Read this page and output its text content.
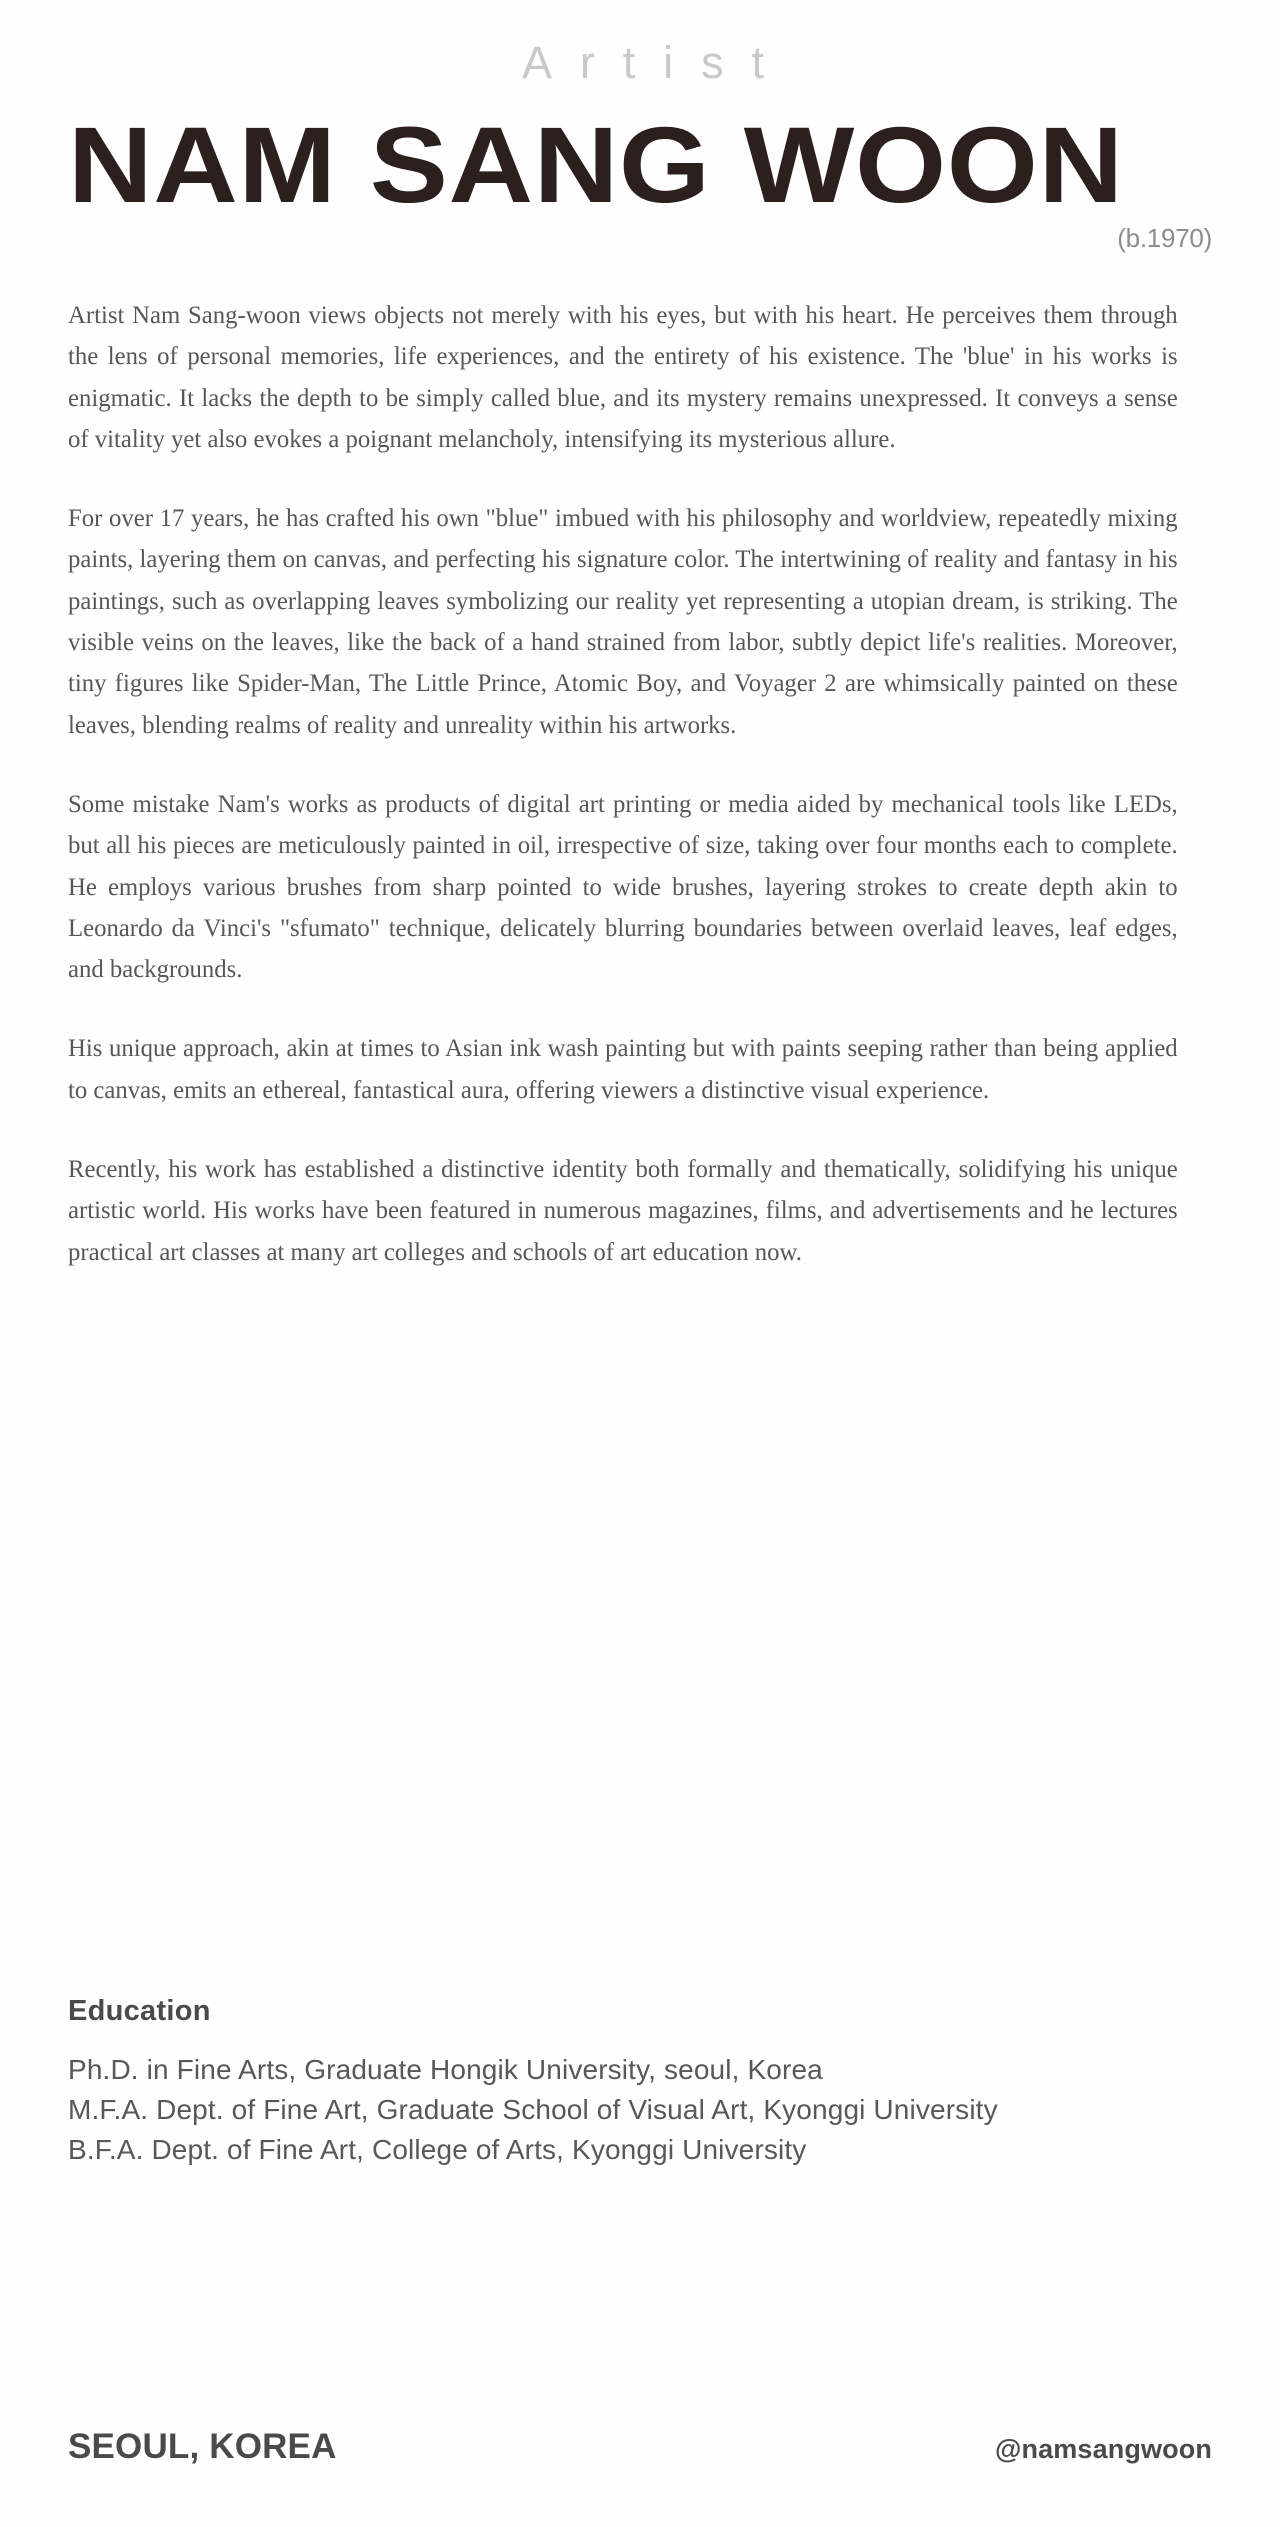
Artist
NAM SANG WOON
(b.1970)

Artist Nam Sang-woon views objects not merely with his eyes, but with his heart. He perceives them through the lens of personal memories, life experiences, and the entirety of his existence. The 'blue' in his works is enigmatic. It lacks the depth to be simply called blue, and its mystery remains unexpressed. It conveys a sense of vitality yet also evokes a poignant melancholy, intensifying its mysterious allure.

For over 17 years, he has crafted his own "blue" imbued with his philosophy and worldview, repeatedly mixing paints, layering them on canvas, and perfecting his signature color. The intertwining of reality and fantasy in his paintings, such as overlapping leaves symbolizing our reality yet representing a utopian dream, is striking. The visible veins on the leaves, like the back of a hand strained from labor, subtly depict life's realities. Moreover, tiny figures like Spider-Man, The Little Prince, Atomic Boy, and Voyager 2 are whimsically painted on these leaves, blending realms of reality and unreality within his artworks.

Some mistake Nam's works as products of digital art printing or media aided by mechanical tools like LEDs, but all his pieces are meticulously painted in oil, irrespective of size, taking over four months each to complete. He employs various brushes from sharp pointed to wide brushes, layering strokes to create depth akin to Leonardo da Vinci's "sfumato" technique, delicately blurring boundaries between overlaid leaves, leaf edges, and backgrounds.

His unique approach, akin at times to Asian ink wash painting but with paints seeping rather than being applied to canvas, emits an ethereal, fantastical aura, offering viewers a distinctive visual experience.

Recently, his work has established a distinctive identity both formally and thematically, solidifying his unique artistic world. His works have been featured in numerous magazines, films, and advertisements and he lectures practical art classes at many art colleges and schools of art education now.

Education
Ph.D. in Fine Arts, Graduate Hongik University, seoul, Korea
M.F.A. Dept. of Fine Art, Graduate School of Visual Art, Kyonggi University
B.F.A. Dept. of Fine Art, College of Arts, Kyonggi University
SEOUL, KOREA	@namsangwoon
